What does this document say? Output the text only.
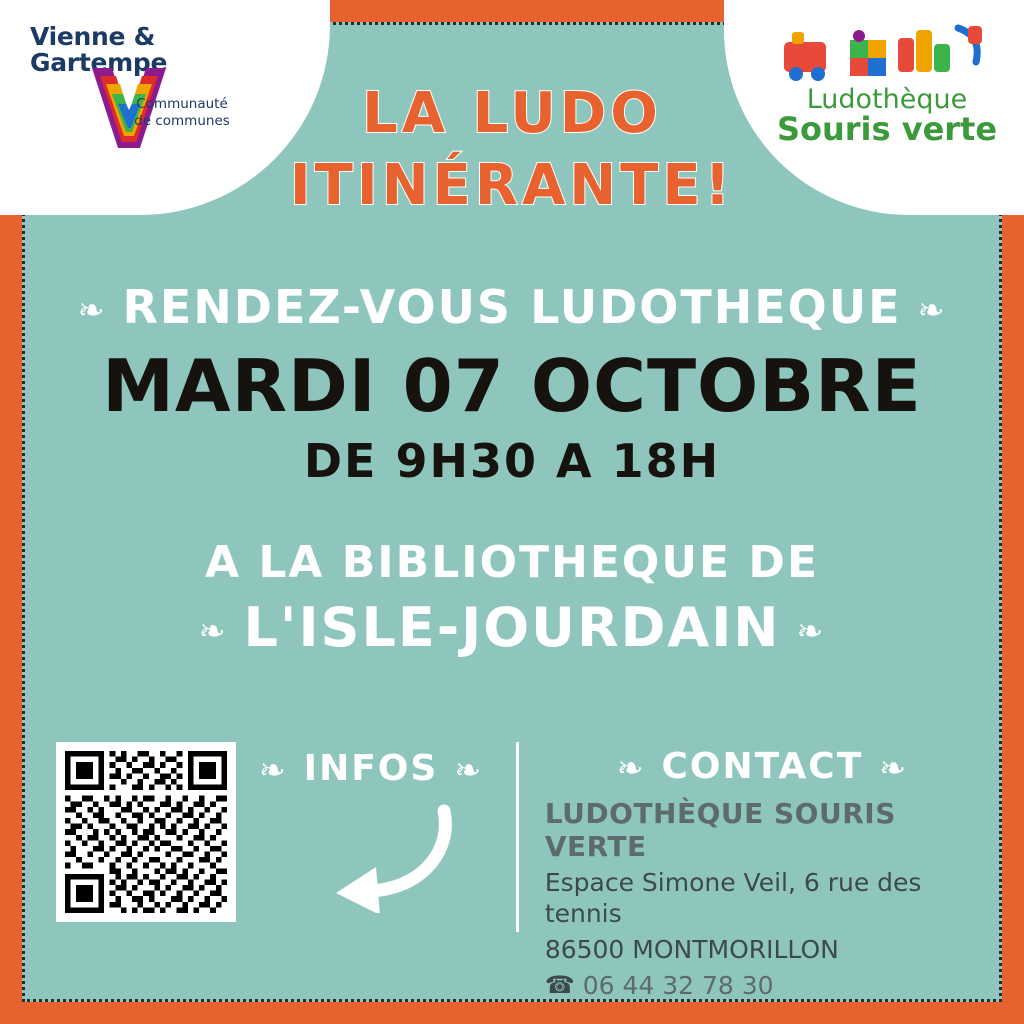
Vienne &
Gartempe
Communauté
de communes
Ludothèque
Souris verte
LA LUDO
ITINÉRANTE!
❧ RENDEZ-VOUS LUDOTHEQUE ❧
MARDI 07 OCTOBRE
DE 9H30 A 18H
A LA BIBLIOTHEQUE DE
❧ L'ISLE-JOURDAIN ❧
❧ INFOS ❧	❧ CONTACT ❧
LUDOTHÈQUE SOURIS VERTE
Espace Simone Veil, 6 rue des tennis
86500 MONTMORILLON
☎ 06 44 32 78 30
